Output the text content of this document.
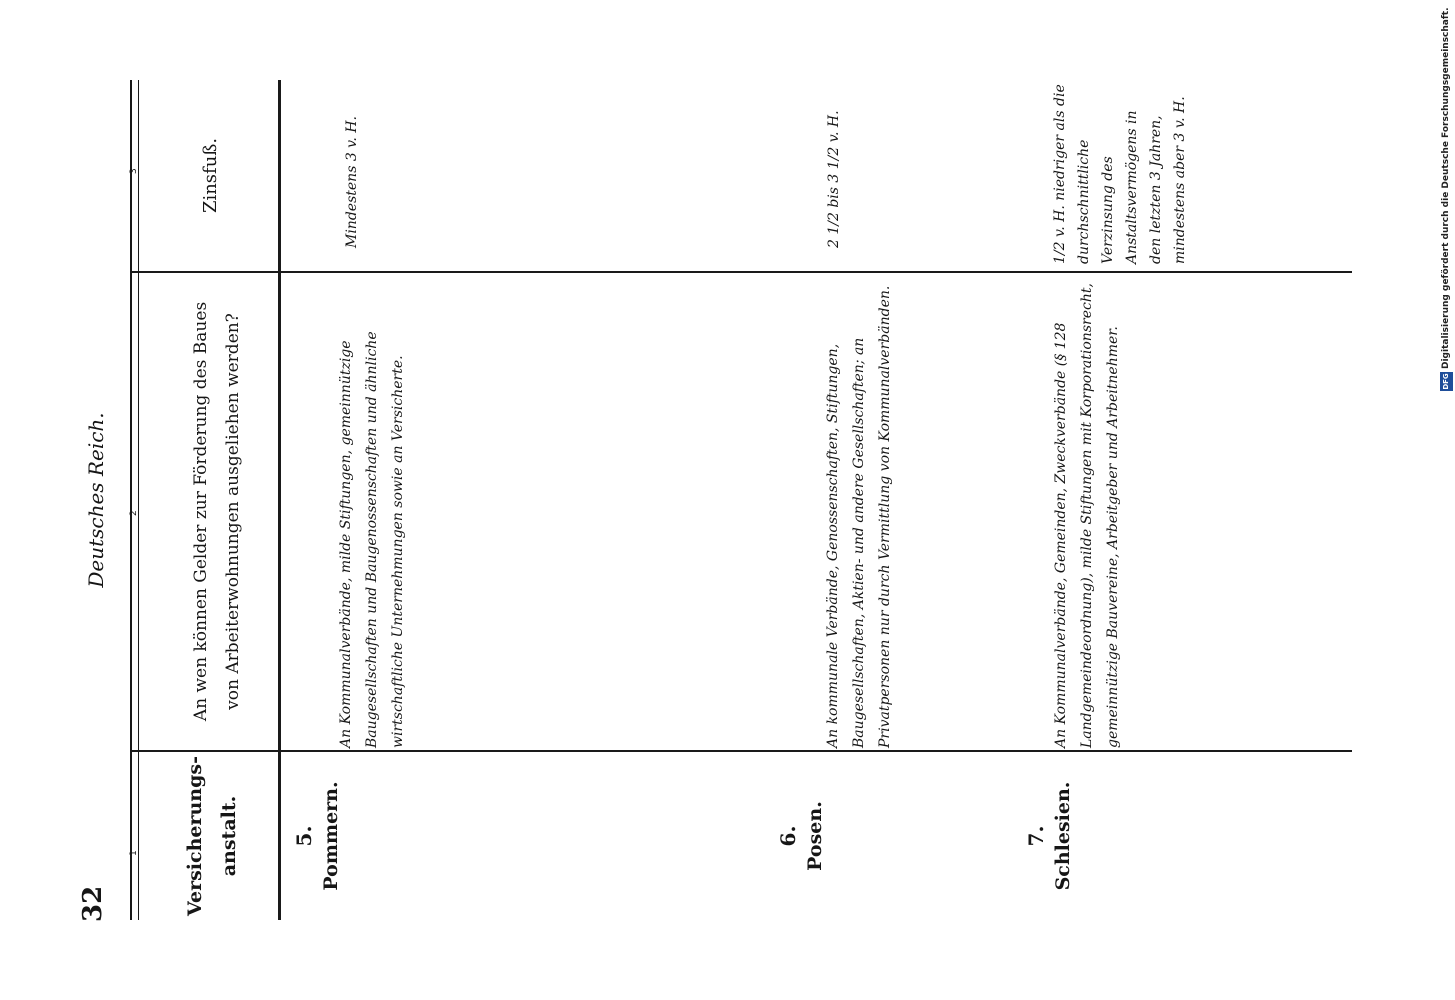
32
Deutsches Reich.
1
2
3
Versicherungs- anstalt.
An wen können Gelder zur Förderung des Baues von Arbeiterwohnungen ausgeliehen werden?
Zinsfuß.
5. Pommern.
An Kommunalverbände, milde Stiftungen, gemeinnützige Baugesellschaften und Baugenossenschaften und ähnliche wirtschaftliche Unternehmungen sowie an Versicherte.
Mindestens 3 v. H.
6. Posen.
An kommunale Verbände, Genossenschaften, Stiftungen, Baugesellschaften, Aktien- und andere Gesellschaften; an Privatpersonen nur durch Vermittlung von Kommunalverbänden.
2 1/2 bis 3 1/2 v. H.
7. Schlesien.
An Kommunalverbände, Gemeinden, Zweckverbände (§ 128 Landgemeindeordnung), milde Stiftungen mit Korporationsrecht, gemeinnützige Bauvereine, Arbeitgeber und Arbeitnehmer.
1/2 v. H. niedriger als die durchschnittliche Verzinsung des Anstaltsvermögens in den letzten 3 Jahren, mindestens aber 3 v. H.
DFG
Digitalisierung gefördert durch die Deutsche Forschungsgemeinschaft.
